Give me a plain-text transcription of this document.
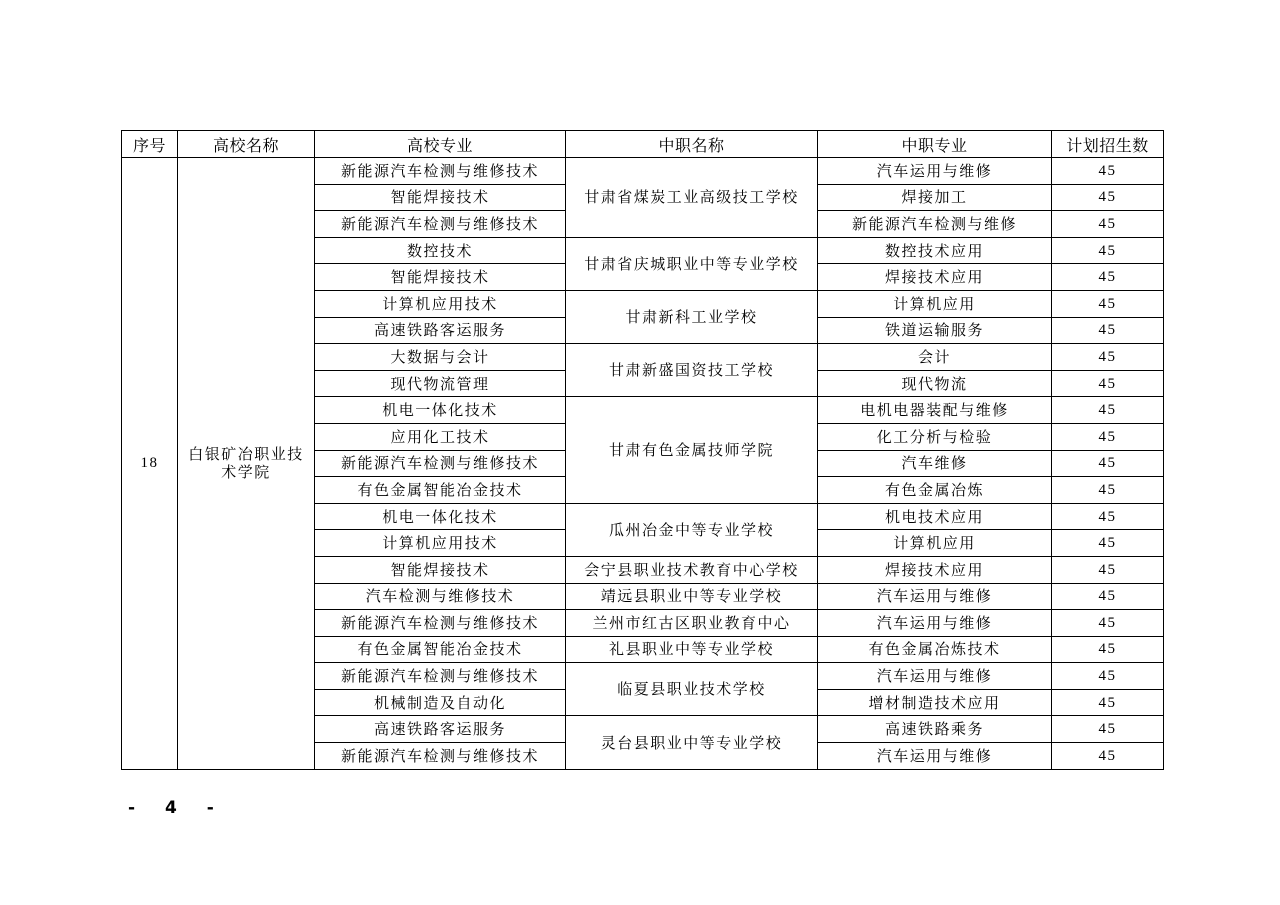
序号	高校名称	高校专业	中职名称	中职专业	计划招生数
18	白银矿冶职业技术学院	新能源汽车检测与维修技术	甘肃省煤炭工业高级技工学校	汽车运用与维修	45
		智能焊接技术		焊接加工	45
		新能源汽车检测与维修技术		新能源汽车检测与维修	45
		数控技术	甘肃省庆城职业中等专业学校	数控技术应用	45
		智能焊接技术		焊接技术应用	45
		计算机应用技术	甘肃新科工业学校	计算机应用	45
		高速铁路客运服务		铁道运输服务	45
		大数据与会计	甘肃新盛国资技工学校	会计	45
		现代物流管理		现代物流	45
		机电一体化技术	甘肃有色金属技师学院	电机电器装配与维修	45
		应用化工技术		化工分析与检验	45
		新能源汽车检测与维修技术		汽车维修	45
		有色金属智能冶金技术		有色金属冶炼	45
		机电一体化技术	瓜州冶金中等专业学校	机电技术应用	45
		计算机应用技术		计算机应用	45
		智能焊接技术	会宁县职业技术教育中心学校	焊接技术应用	45
		汽车检测与维修技术	靖远县职业中等专业学校	汽车运用与维修	45
		新能源汽车检测与维修技术	兰州市红古区职业教育中心	汽车运用与维修	45
		有色金属智能冶金技术	礼县职业中等专业学校	有色金属冶炼技术	45
		新能源汽车检测与维修技术	临夏县职业技术学校	汽车运用与维修	45
		机械制造及自动化		增材制造技术应用	45
		高速铁路客运服务	灵台县职业中等专业学校	高速铁路乘务	45
		新能源汽车检测与维修技术		汽车运用与维修	45
- 4 -
